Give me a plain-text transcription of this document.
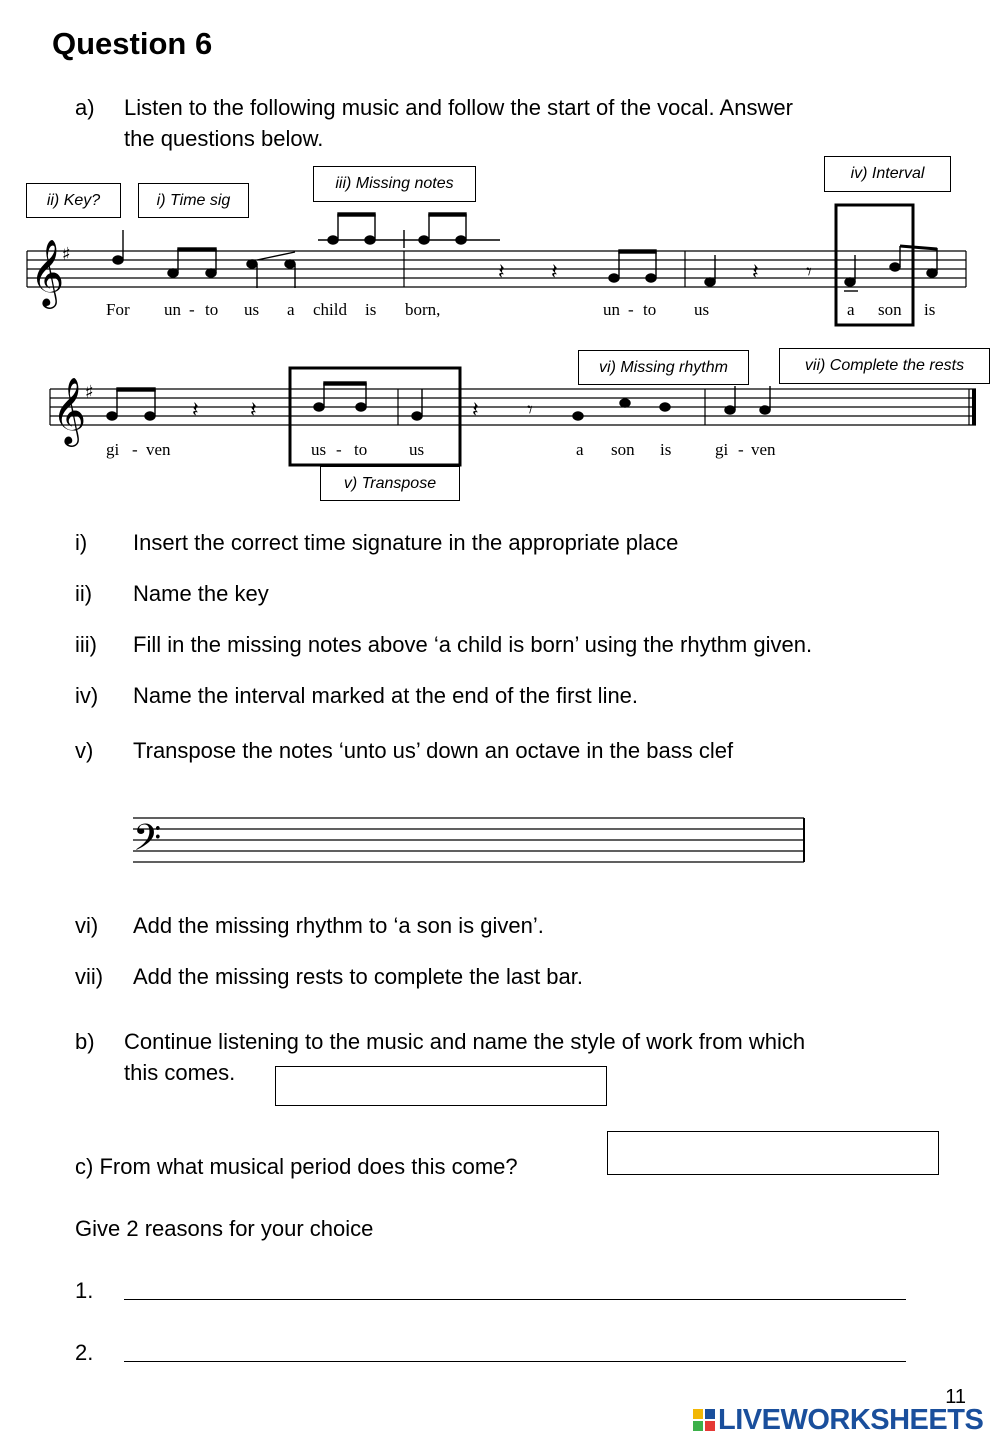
Question 6
a) Listen to the following music and follow the start of the vocal. Answer
the questions below.
ii) Key?	i) Time sig
iii) Missing notes
iv) Interval
vi) Missing rhythm	vii) Complete the rests
v) Transpose
𝄞
♯
𝄽 𝄽	𝄽 𝄾
For un - to us a child is born,	un - to us	a son is
𝄞
♯
𝄽 𝄽	𝄽 𝄾
gi - ven	us - to us	a son is	gi - ven
i) Insert the correct time signature in the appropriate place
ii) Name the key
iii) Fill in the missing notes above ‘a child is born’ using the rhythm given.
iv) Name the interval marked at the end of the first line.
v) Transpose the notes ‘unto us’ down an octave in the bass clef
𝄢
vi) Add the missing rhythm to ‘a son is given’.
vii) Add the missing rests to complete the last bar.
b) Continue listening to the music and name the style of work from which
this comes.
c) From what musical period does this come?
Give 2 reasons for your choice
1.
2.
11
LIVEWORKSHEETS
